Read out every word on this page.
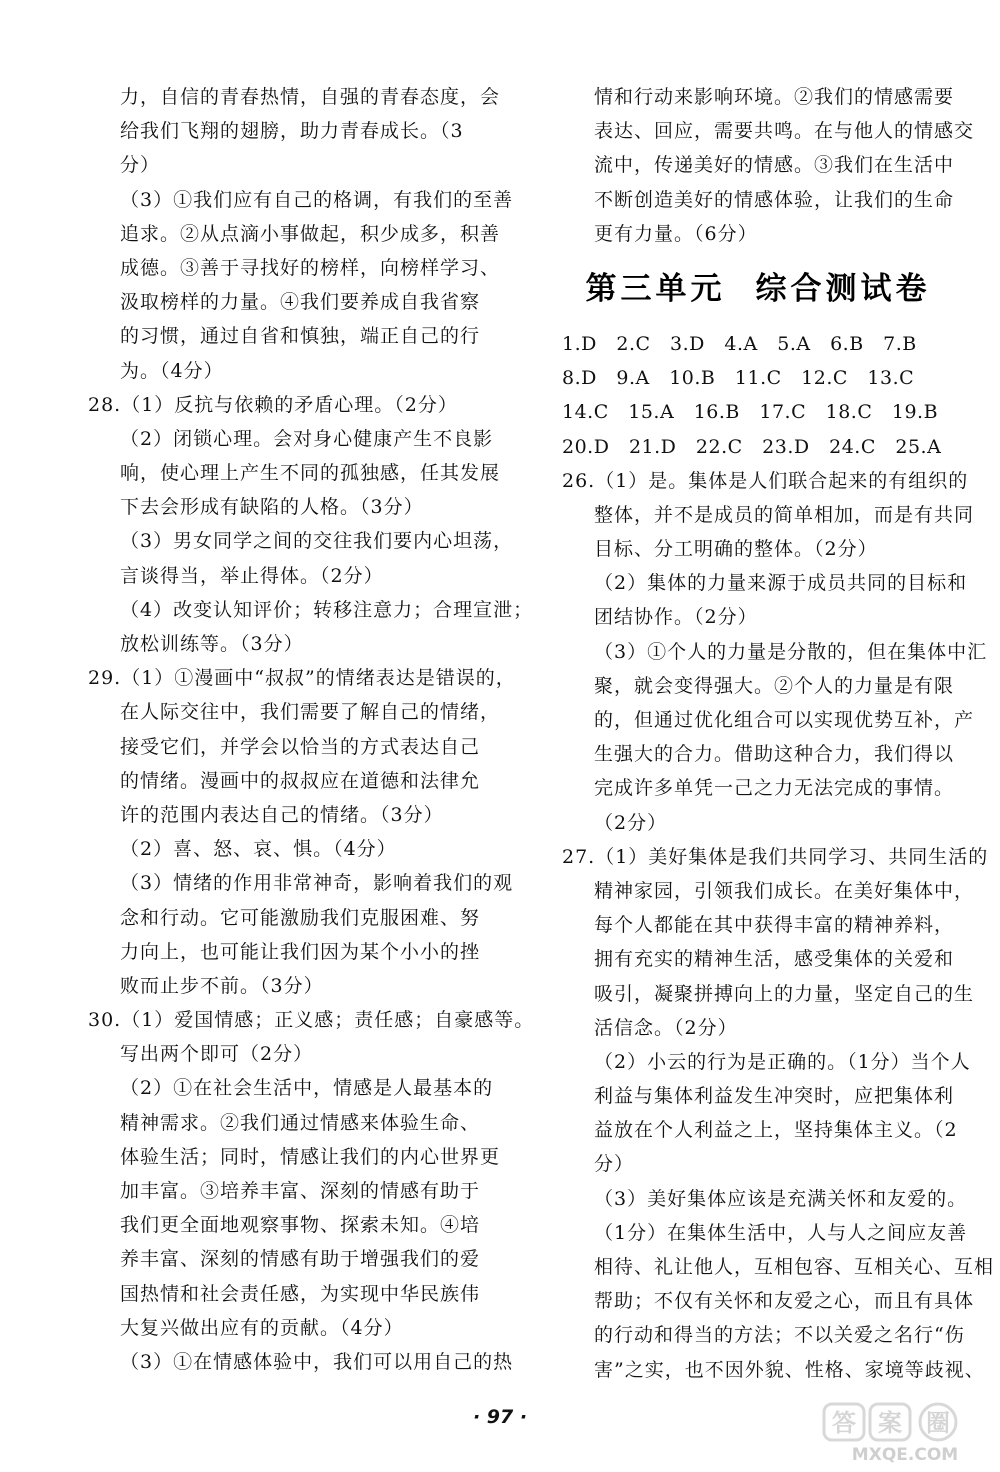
力，自信的青春热情，自强的青春态度，会
给我们飞翔的翅膀，助力青春成长。（3
分）
（3）①我们应有自己的格调，有我们的至善
追求。②从点滴小事做起，积少成多，积善
成德。③善于寻找好的榜样，向榜样学习、
汲取榜样的力量。④我们要养成自我省察
的习惯，通过自省和慎独，端正自己的行
为。（4分）
28.（1）反抗与依赖的矛盾心理。（2分）
（2）闭锁心理。会对身心健康产生不良影
响，使心理上产生不同的孤独感，任其发展
下去会形成有缺陷的人格。（3分）
（3）男女同学之间的交往我们要内心坦荡，
言谈得当，举止得体。（2分）
（4）改变认知评价；转移注意力；合理宣泄；
放松训练等。（3分）
29.（1）①漫画中“叔叔”的情绪表达是错误的，
在人际交往中，我们需要了解自己的情绪，
接受它们，并学会以恰当的方式表达自己
的情绪。漫画中的叔叔应在道德和法律允
许的范围内表达自己的情绪。（3分）
（2）喜、怒、哀、惧。（4分）
（3）情绪的作用非常神奇，影响着我们的观
念和行动。它可能激励我们克服困难、努
力向上，也可能让我们因为某个小小的挫
败而止步不前。（3分）
30.（1）爱国情感；正义感；责任感；自豪感等。
写出两个即可（2分）
（2）①在社会生活中，情感是人最基本的
精神需求。②我们通过情感来体验生命、
体验生活；同时，情感让我们的内心世界更
加丰富。③培养丰富、深刻的情感有助于
我们更全面地观察事物、探索未知。④培
养丰富、深刻的情感有助于增强我们的爱
国热情和社会责任感，为实现中华民族伟
大复兴做出应有的贡献。（4分）
（3）①在情感体验中，我们可以用自己的热
情和行动来影响环境。②我们的情感需要
表达、回应，需要共鸣。在与他人的情感交
流中，传递美好的情感。③我们在生活中
不断创造美好的情感体验，让我们的生命
更有力量。（6分）
第三单元 综合测试卷
1.D　2.C　3.D　4.A　5.A　6.B　7.B
8.D　9.A　10.B　11.C　12.C　13.C
14.C　15.A　16.B　17.C　18.C　19.B
20.D　21.D　22.C　23.D　24.C　25.A
26.（1）是。集体是人们联合起来的有组织的
整体，并不是成员的简单相加，而是有共同
目标、分工明确的整体。（2分）
（2）集体的力量来源于成员共同的目标和
团结协作。（2分）
（3）①个人的力量是分散的，但在集体中汇
聚，就会变得强大。②个人的力量是有限
的，但通过优化组合可以实现优势互补，产
生强大的合力。借助这种合力，我们得以
完成许多单凭一己之力无法完成的事情。
（2分）
27.（1）美好集体是我们共同学习、共同生活的
精神家园，引领我们成长。在美好集体中，
每个人都能在其中获得丰富的精神养料，
拥有充实的精神生活，感受集体的关爱和
吸引，凝聚拼搏向上的力量，坚定自己的生
活信念。（2分）
（2）小云的行为是正确的。（1分）当个人
利益与集体利益发生冲突时，应把集体利
益放在个人利益之上，坚持集体主义。（2
分）
（3）美好集体应该是充满关怀和友爱的。
（1分）在集体生活中，人与人之间应友善
相待、礼让他人，互相包容、互相关心、互相
帮助；不仅有关怀和友爱之心，而且有具体
的行动和得当的方法；不以关爱之名行“伤
害”之实，也不因外貌、性格、家境等歧视、
· 97 ·	答 案 圈
MXQE.COM
